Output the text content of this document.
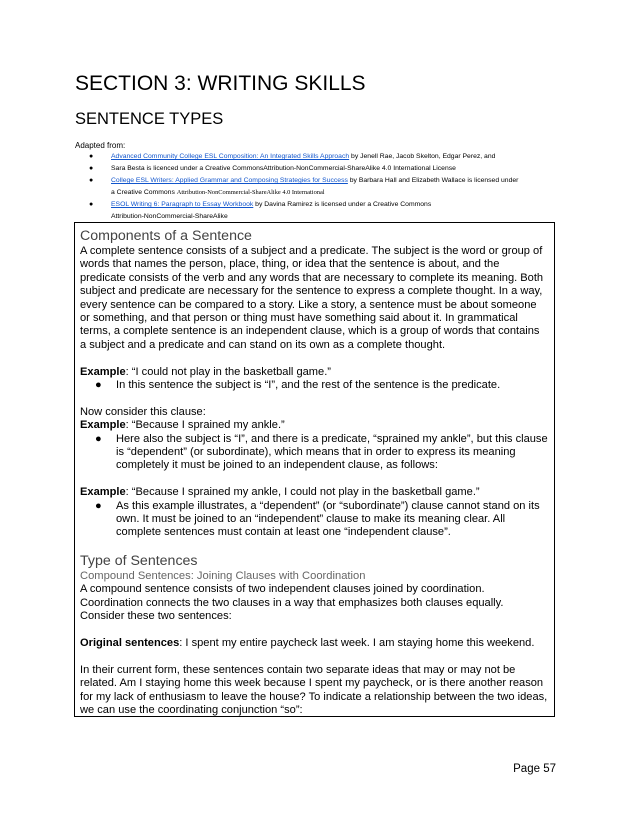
SECTION 3: WRITING SKILLS
SENTENCE TYPES
Adapted from:
●	Advanced Community College ESL Composition: An Integrated Skills Approach by Jenell Rae, Jacob Skelton, Edgar Perez, and
●	Sara Besta is licenced under a Creative CommonsAttribution-NonCommercial-ShareAlike 4.0 International License
●	College ESL Writers: Applied Grammar and Composing Strategies for Success by Barbara Hall and Elizabeth Wallace is licensed under
a Creative Commons Attribution-NonCommercial-ShareAlike 4.0 International
●	ESOL Writing 6: Paragraph to Essay Workbook by Davina Ramirez is licensed under a Creative Commons
Attribution-NonCommercial-ShareAlike

Components of a Sentence

A complete sentence consists of a subject and a predicate. The subject is the word or group of words that names the person, place, thing, or idea that the sentence is about, and the predicate consists of the verb and any words that are necessary to complete its meaning. Both subject and predicate are necessary for the sentence to express a complete thought. In a way, every sentence can be compared to a story. Like a story, a sentence must be about someone or something, and that person or thing must have something said about it. In grammatical terms, a complete sentence is an independent clause, which is a group of words that contains a subject and a predicate and can stand on its own as a complete thought.

Example: “I could not play in the basketball game.”

● In this sentence the subject is “I”, and the rest of the sentence is the predicate.

Now consider this clause:

Example: “Because I sprained my ankle.”

● Here also the subject is “I”, and there is a predicate, “sprained my ankle”, but this clause is “dependent” (or subordinate), which means that in order to express its meaning completely it must be joined to an independent clause, as follows:

Example: “Because I sprained my ankle, I could not play in the basketball game.”

● As this example illustrates, a “dependent” (or “subordinate”) clause cannot stand on its own. It must be joined to an “independent” clause to make its meaning clear. All complete sentences must contain at least one “independent clause”.

Type of Sentences

Compound Sentences: Joining Clauses with Coordination

A compound sentence consists of two independent clauses joined by coordination. Coordination connects the two clauses in a way that emphasizes both clauses equally. Consider these two sentences:

Original sentences: I spent my entire paycheck last week. I am staying home this weekend.

In their current form, these sentences contain two separate ideas that may or may not be related. Am I staying home this week because I spent my paycheck, or is there another reason for my lack of enthusiasm to leave the house? To indicate a relationship between the two ideas, we can use the coordinating conjunction “so”:

Page 57
